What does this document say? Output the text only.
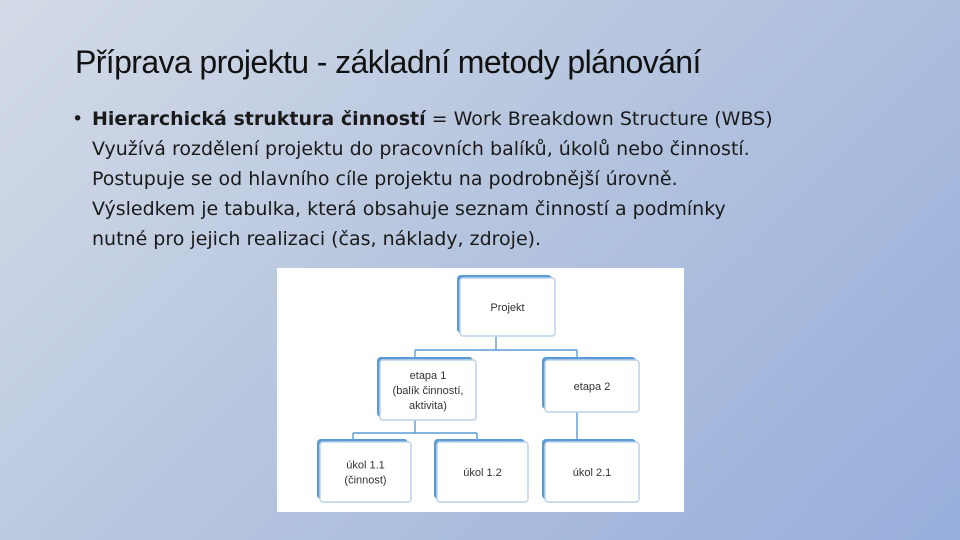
Příprava projektu - základní metody plánování
• Hierarchická struktura činností = Work Breakdown Structure (WBS)
Využívá rozdělení projektu do pracovních balíků, úkolů nebo činností.
Postupuje se od hlavního cíle projektu na podrobnější úrovně.
Výsledkem je tabulka, která obsahuje seznam činností a podmínky
nutné pro jejich realizaci (čas, náklady, zdroje).
Projekt
etapa 1
(balík činností,
aktivita)
etapa 2
úkol 1.1
(činnost)
úkol 1.2	úkol 2.1
